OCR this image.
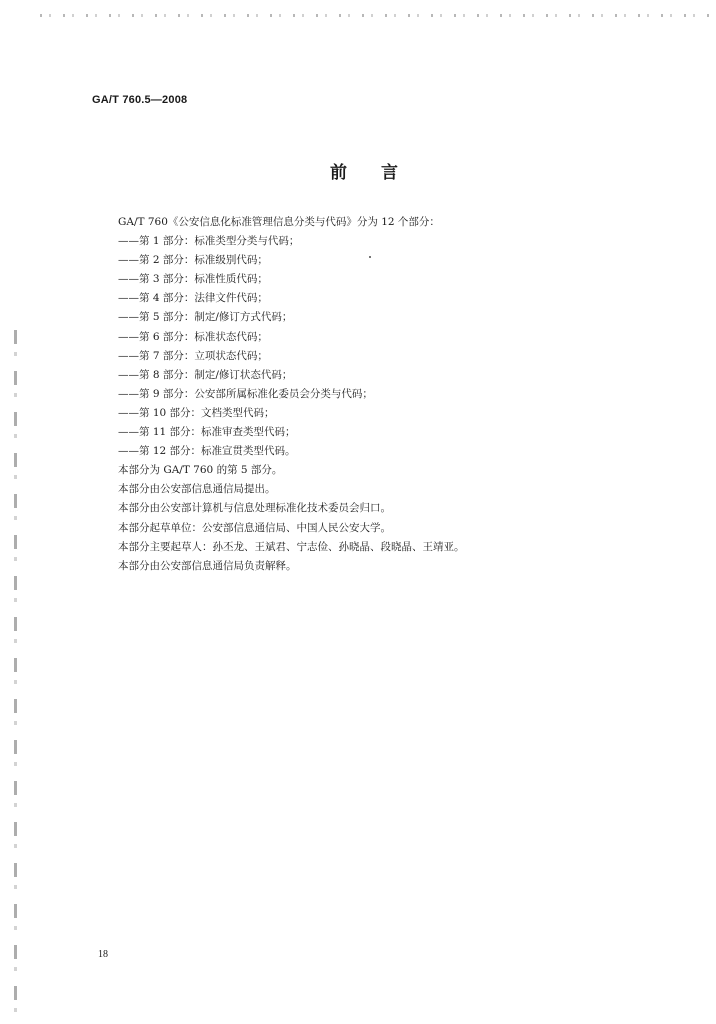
GA/T 760.5—2008
前言

GA/T 760《公安信息化标准管理信息分类与代码》分为 12 个部分：

——第 1 部分：标准类型分类与代码；

——第 2 部分：标准级别代码；

——第 3 部分：标准性质代码；

——第 4 部分：法律文件代码；

——第 5 部分：制定/修订方式代码；

——第 6 部分：标准状态代码；

——第 7 部分：立项状态代码；

——第 8 部分：制定/修订状态代码；

——第 9 部分：公安部所属标准化委员会分类与代码；

——第 10 部分：文档类型代码；

——第 11 部分：标准审查类型代码；

——第 12 部分：标准宣贯类型代码。

本部分为 GA/T 760 的第 5 部分。

本部分由公安部信息通信局提出。

本部分由公安部计算机与信息处理标准化技术委员会归口。

本部分起草单位：公安部信息通信局、中国人民公安大学。

本部分主要起草人：孙丕龙、王斌君、宁志俭、孙晓晶、段晓晶、王靖亚。

本部分由公安部信息通信局负责解释。

18
